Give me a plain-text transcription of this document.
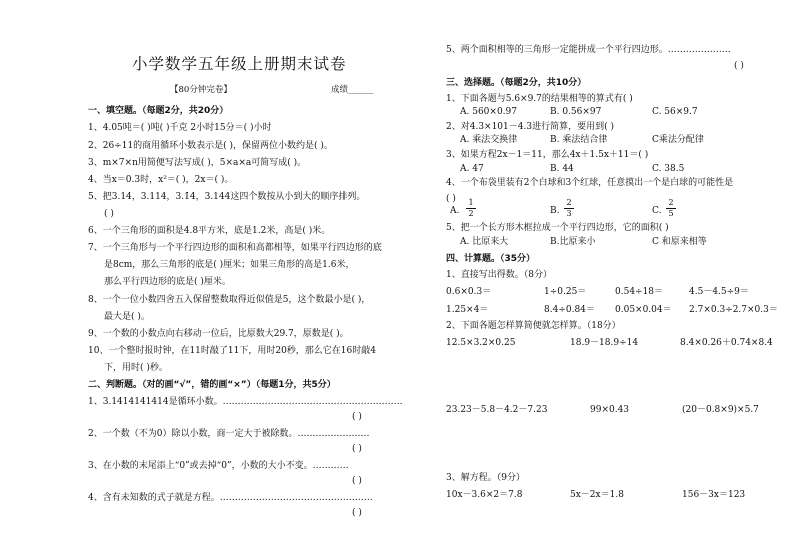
小学数学五年级上册期末试卷
【80分钟完卷】	成绩______
一、填空题。（每题2分，共20分）
1、4.05吨＝( )吨( )千克 2小时15分＝( )小时
2、26÷11的商用循环小数表示是( )，保留两位小数约是( )。
3、m×7×n用简便写法写成( )，5×a×a可简写成( )。
4、当x＝0.3时，x²＝( )，2x＝( )。
5、把3.14̇，3.114，3.1̇4̇，3.144这四个数按从小到大的顺序排列。
( )
6、一个三角形的面积是4.8平方米，底是1.2米，高是( )米。
7、一个三角形与一个平行四边形的面积和高都相等，如果平行四边形的底
是8cm，那么三角形的底是( )厘米；如果三角形的高是1.6米，
那么平行四边形的底是( )厘米。
8、一个一位小数四舍五入保留整数取得近似值是5，这个数最小是( )，
最大是( )。
9、一个数的小数点向右移动一位后，比原数大29.7，原数是( )。
10、一个整时报时钟，在11时敲了11下，用时20秒，那么它在16时敲4
下，用时( )秒。
二、判断题。（对的画“√”，错的画“×”）（每题1分，共5分）
1、3.1414141414是循环小数。……………………………………………………
( )
2、一个数（不为0）除以小数，商一定大于被除数。……………………
( )
3、在小数的末尾添上“0”或去掉“0”，小数的大小不变。…………
( )
4、含有未知数的式子就是方程。……………………………………………
( )
5、两个面积相等的三角形一定能拼成一个平行四边形。…………………
( )
三、选择题。（每题2分，共10分）
1、下面各题与5.6×9.7的结果相等的算式有( )
A. 560×0.97	B. 0.56×97	C. 56×9.7
2、对4.3×101－4.3进行简算，要用到( )
A. 乘法交换律	B. 乘法结合律	C乘法分配律
3、如果方程2x－1＝11，那么4x＋1.5x＋11＝( )
A. 47	B. 44	C. 38.5
4、一个布袋里装有2个白球和3个红球，任意摸出一个是白球的可能性是
( )
A.
1
2	B.
2
3	C.
2
5
5、把一个长方形木框拉成一个平行四边形，它的面积( )
A. 比原来大	B.比原来小	C 和原来相等
四、计算题。（35分）
1、直接写出得数。（8分）
0.6×0.3＝	1÷0.25＝	0.54÷18＝	4.5－4.5÷9＝
1.25×4＝	8.4÷0.84＝ 0.05×0.04＝ 2.7×0.3÷2.7×0.3＝
2、下面各题怎样算简便就怎样算。（18分）
12.5×3.2×0.25	18.9－18.9÷14	8.4×0.26＋0.74×8.4
23.23－5.8－4.2－7.23	99×0.43	(20－0.8×9)×5.7
3、解方程。（9分）
10x－3.6×2＝7.8	5x－2x＝1.8	156－3x＝123
